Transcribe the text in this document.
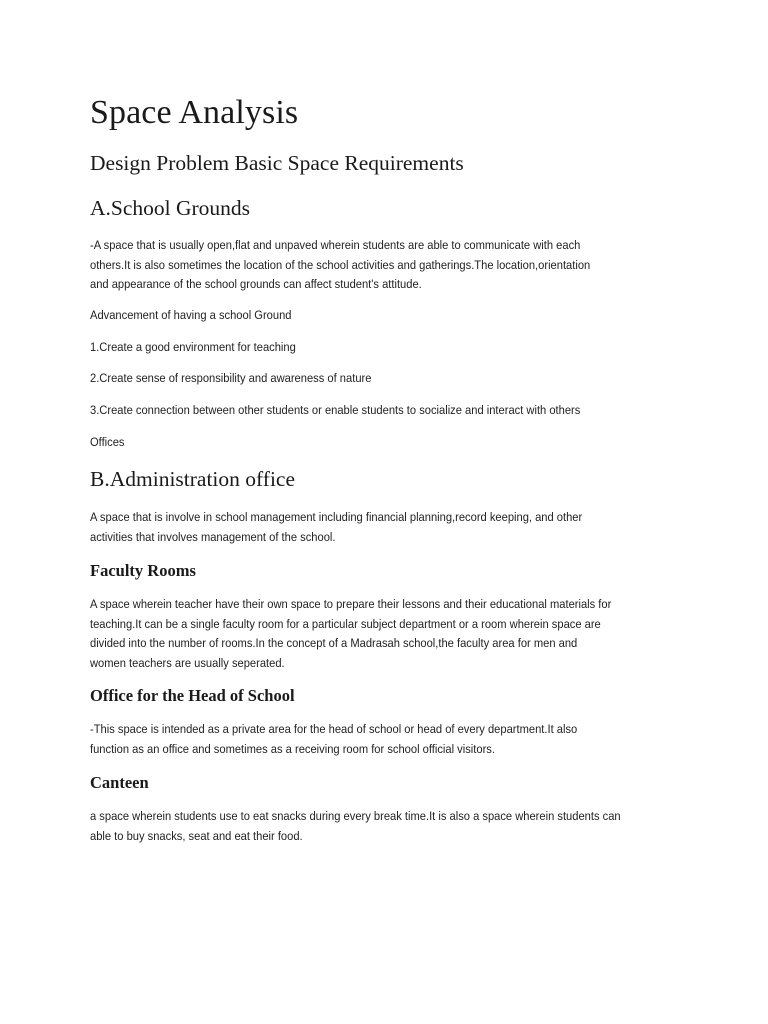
Space Analysis
Design Problem Basic Space Requirements
A.School Grounds

-A space that is usually open,flat and unpaved wherein students are able to communicate with each
others.It is also sometimes the location of the school activities and gatherings.The location,orientation
and appearance of the school grounds can affect student's attitude.

Advancement of having a school Ground

1.Create a good environment for teaching

2.Create sense of responsibility and awareness of nature

3.Create connection between other students or enable students to socialize and interact with others

Offices

B.Administration office

A space that is involve in school management including financial planning,record keeping, and other
activities that involves management of the school.

Faculty Rooms

A space wherein teacher have their own space to prepare their lessons and their educational materials for
teaching.It can be a single faculty room for a particular subject department or a room wherein space are
divided into the number of rooms.In the concept of a Madrasah school,the faculty area for men and
women teachers are usually seperated.

Office for the Head of School

-This space is intended as a private area for the head of school or head of every department.It also
function as an office and sometimes as a receiving room for school official visitors.

Canteen

a space wherein students use to eat snacks during every break time.It is also a space wherein students can
able to buy snacks, seat and eat their food.
